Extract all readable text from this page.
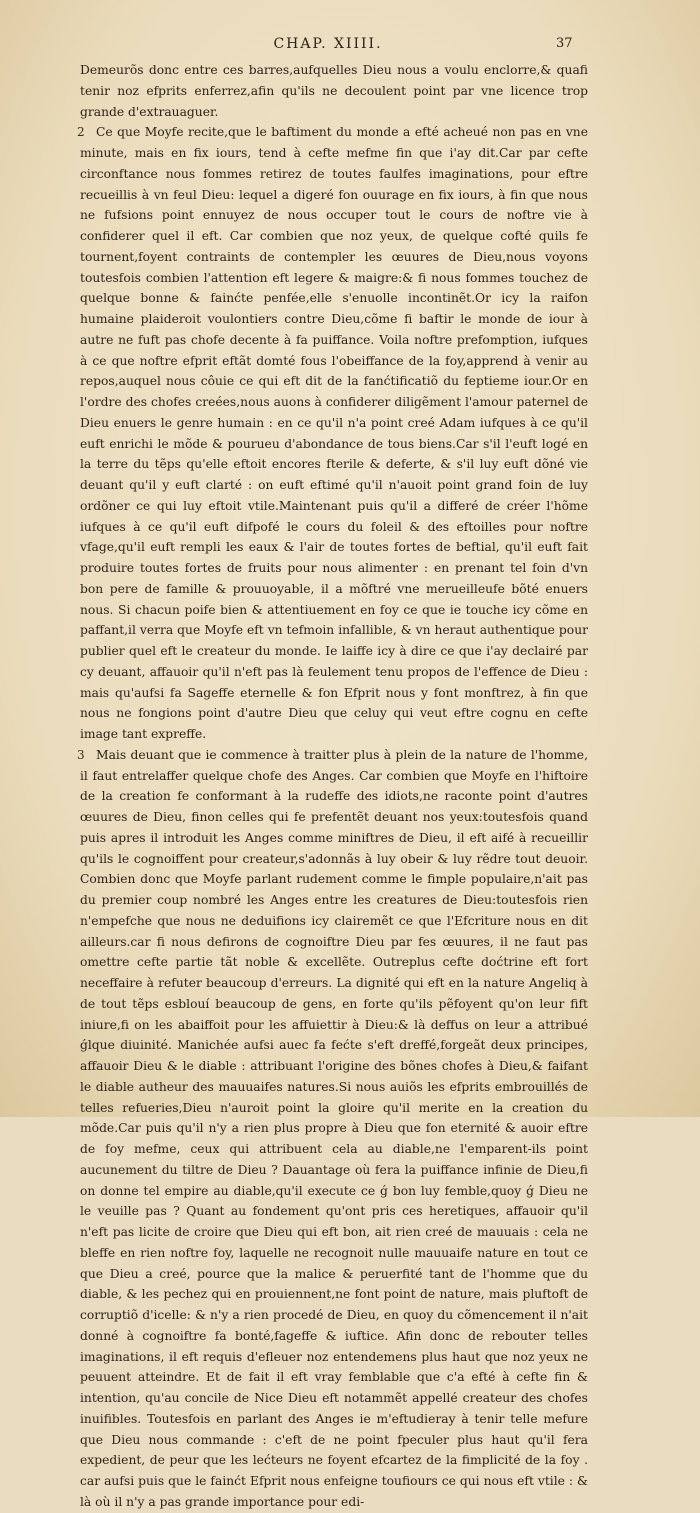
CHAP. XIIII.	37

Demeurõs donc entre ces barres,aufquelles Dieu nous a voulu enclorre,& quafi tenir noz efprits enferrez,afin qu'ils ne decoulent point par vne licence trop grande d'extrauaguer.

2 Ce que Moyfe recite,que le baftiment du monde a efté acheué non pas en vne minute, mais en fix iours, tend à cefte mefme fin que i'ay dit.Car par cefte circonftance nous fommes retirez de toutes faulfes imaginations, pour eftre recueillis à vn feul Dieu: lequel a digeré fon ouurage en fix iours, à fin que nous ne fufsions point ennuyez de nous occuper tout le cours de noftre vie à confiderer quel il eft. Car combien que noz yeux, de quelque cofté quils fe tournent,foyent contraints de contempler les œuures de Dieu,nous voyons toutesfois combien l'attention eft legere & maigre:& fi nous fommes touchez de quelque bonne & fainćte penfée,elle s'enuolle incontinẽt.Or icy la raifon humaine plaideroit voulontiers contre Dieu,cõme fi baftir le monde de iour à autre ne fuft pas chofe decente à fa puiffance. Voila noftre prefomption, iufques à ce que noftre efprit eftãt domté fous l'obeiffance de la foy,apprend à venir au repos,auquel nous côuie ce qui eft dit de la fanćtificatiõ du feptieme iour.Or en l'ordre des chofes creées,nous auons à confiderer diligẽment l'amour paternel de Dieu enuers le genre humain : en ce qu'il n'a point creé Adam iufques à ce qu'il euft enrichi le mõde & pourueu d'abondance de tous biens.Car s'il l'euft logé en la terre du tẽps qu'elle eftoit encores fterile & deferte, & s'il luy euft dõné vie deuant qu'il y euft clarté : on euft eftimé qu'il n'auoit point grand foin de luy ordõner ce qui luy eftoit vtile.Maintenant puis qu'il a differé de créer l'hõme iufques à ce qu'il euft difpofé le cours du foleil & des eftoilles pour noftre vfage,qu'il euft rempli les eaux & l'air de toutes fortes de beftial, qu'il euft fait produire toutes fortes de fruits pour nous alimenter : en prenant tel foin d'vn bon pere de famille & prouuoyable, il a mõftré vne merueilleufe bõté enuers nous. Si chacun poife bien & attentiuement en foy ce que ie touche icy cõme en paffant,il verra que Moyfe eft vn tefmoin infallible, & vn heraut authentique pour publier quel eft le createur du monde. Ie laiffe icy à dire ce que i'ay declairé par cy deuant, affauoir qu'il n'eft pas là feulement tenu propos de l'effence de Dieu : mais qu'aufsi fa Sageffe eternelle & fon Efprit nous y font monftrez, à fin que nous ne fongions point d'autre Dieu que celuy qui veut eftre cognu en cefte image tant expreffe.

3 Mais deuant que ie commence à traitter plus à plein de la nature de l'homme, il faut entrelaffer quelque chofe des Anges. Car combien que Moyfe en l'hiftoire de la creation fe conformant à la rudeffe des idiots,ne raconte point d'autres œuures de Dieu, finon celles qui fe prefentẽt deuant nos yeux:toutesfois quand puis apres il introduit les Anges comme miniftres de Dieu, il eft aifé à recueillir qu'ils le cognoiffent pour createur,s'adonnãs à luy obeir & luy rẽdre tout deuoir. Combien donc que Moyfe parlant rudement comme le fimple populaire,n'ait pas du premier coup nombré les Anges entre les creatures de Dieu:toutesfois rien n'empefche que nous ne deduifions icy clairemẽt ce que l'Efcriture nous en dit ailleurs.car fi nous defirons de cognoiftre Dieu par fes œuures, il ne faut pas omettre cefte partie tãt noble & excellẽte. Outreplus cefte doćtrine eft fort neceffaire à refuter beaucoup d'erreurs. La dignité qui eft en la nature Angeliq à de tout tẽps esblouí beaucoup de gens, en forte qu'ils pẽfoyent qu'on leur fift iniure,fi on les abaiffoit pour les affuiettir à Dieu:& là deffus on leur a attribué ǵlque diuinité. Manichée aufsi auec fa fećte s'eft dreffé,forgeãt deux principes, affauoir Dieu & le diable : attribuant l'origine des bõnes chofes à Dieu,& faifant le diable autheur des mauuaifes natures.Si nous auiõs les efprits embrouillés de telles refueries,Dieu n'auroit point la gloire qu'il merite en la creation du mõde.Car puis qu'il n'y a rien plus propre à Dieu que fon eternité & auoir eftre de foy mefme, ceux qui attribuent cela au diable,ne l'emparent-ils point aucunement du tiltre de Dieu ? Dauantage où fera la puiffance infinie de Dieu,fi on donne tel empire au diable,qu'il execute ce ǵ bon luy femble,quoy ǵ Dieu ne le veuille pas ? Quant au fondement qu'ont pris ces heretiques, affauoir qu'il n'eft pas licite de croire que Dieu qui eft bon, ait rien creé de mauuais : cela ne bleffe en rien noftre foy, laquelle ne recognoit nulle mauuaife nature en tout ce que Dieu a creé, pource que la malice & peruerfité tant de l'homme que du diable, & les pechez qui en prouiennent,ne font point de nature, mais pluftoft de corruptiõ d'icelle: & n'y a rien procedé de Dieu, en quoy du cõmencement il n'ait donné à cognoiftre fa bonté,fageffe & iuftice. Afin donc de rebouter telles imaginations, il eft requis d'efleuer noz entendemens plus haut que noz yeux ne peuuent atteindre. Et de fait il eft vray femblable que c'a efté à cefte fin & intention, qu'au concile de Nice Dieu eft notammẽt appellé createur des chofes inuifibles. Toutesfois en parlant des Anges ie m'eftudieray à tenir telle mefure que Dieu nous commande : c'eft de ne point fpeculer plus haut qu'il fera expedient, de peur que les lećteurs ne foyent efcartez de la fimplicité de la foy . car aufsi puis que le fainćt Efprit nous enfeigne toufiours ce qui nous eft vtile : & là où il n'y a pas grande importance pour edi-
